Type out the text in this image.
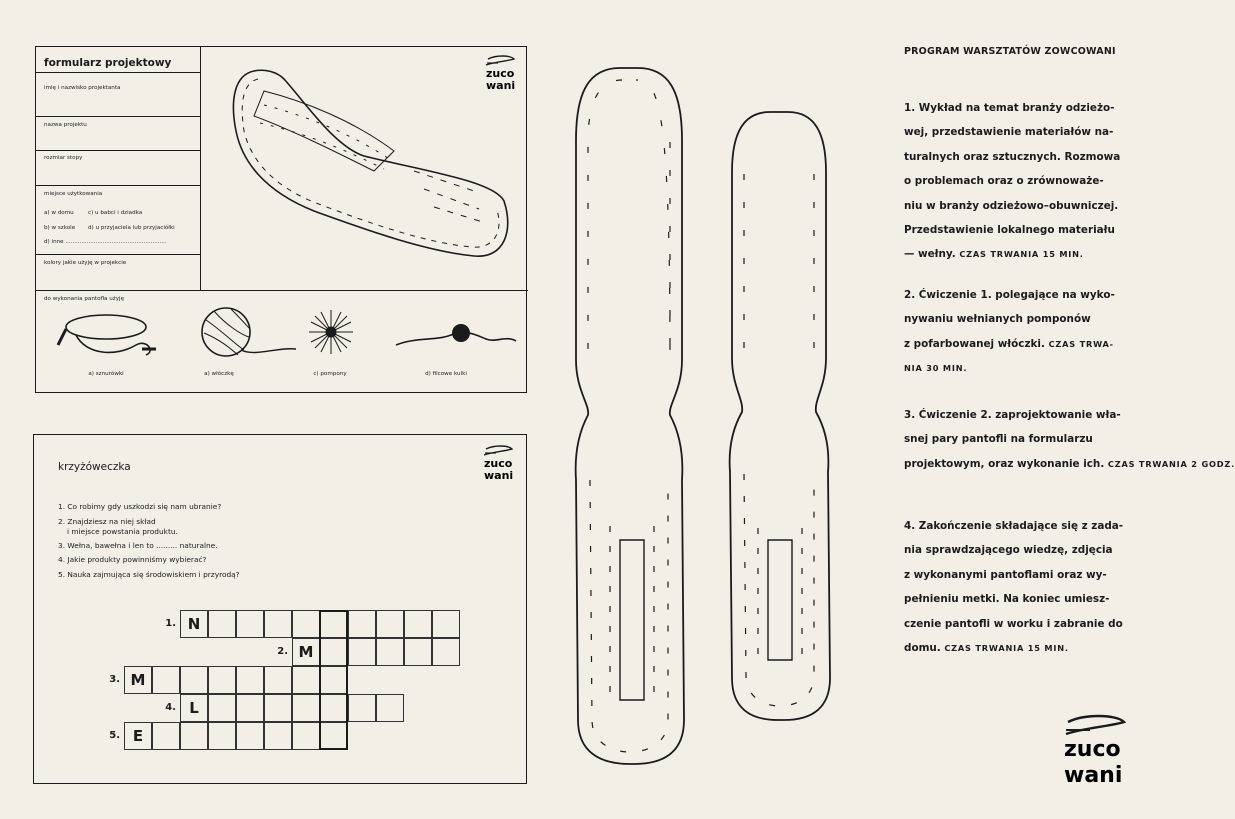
formularz projektowy
imię i nazwisko projektanta
nazwa projektu
rozmiar stopy
miejsce użytkowania
a) w domu	c) u babci i dziadka
b) w szkole d) u przyjaciela lub przyjaciółki
d) inne .........................................................
kolory jakie użyję w projekcie
do wykonania pantofla użyję
zuco
wani
a) sznurówki	a) włóczkę	c) pompony	d) filcowe kulki
krzyżóweczka	zuco
wani
1. Co robimy gdy uszkodzi się nam ubranie?
2. Znajdziesz na niej skład
i miejsce powstania produktu.
3. Wełna, bawełna i len to ......... naturalne.
4. Jakie produkty powinniśmy wybierać?
5. Nauka zajmująca się środowiskiem i przyrodą?
1. N
2. M
3. M
4. L
5. E
PROGRAM WARSZTATÓW ZOWCOWANI
1. Wykład na temat branży odzieżo-
wej, przedstawienie materiałów na-
turalnych oraz sztucznych. Rozmowa
o problemach oraz o zrównoważe-
niu w branży odzieżowo–obuwniczej.
Przedstawienie lokalnego materiału
— wełny. CZAS TRWANIA 15 MIN.
2. Ćwiczenie 1. polegające na wyko-
nywaniu wełnianych pomponów
z pofarbowanej włóczki. CZAS TRWA-
NIA 30 MIN.
3. Ćwiczenie 2. zaprojektowanie wła-
snej pary pantofli na formularzu
projektowym, oraz wykonanie ich. CZAS TRWANIA 2 GODZ.
4. Zakończenie składające się z zada-
nia sprawdzającego wiedzę, zdjęcia
z wykonanymi pantoflami oraz wy-
pełnieniu metki. Na koniec umiesz-
czenie pantofli w worku i zabranie do
domu. CZAS TRWANIA 15 MIN.
zuco
wani
